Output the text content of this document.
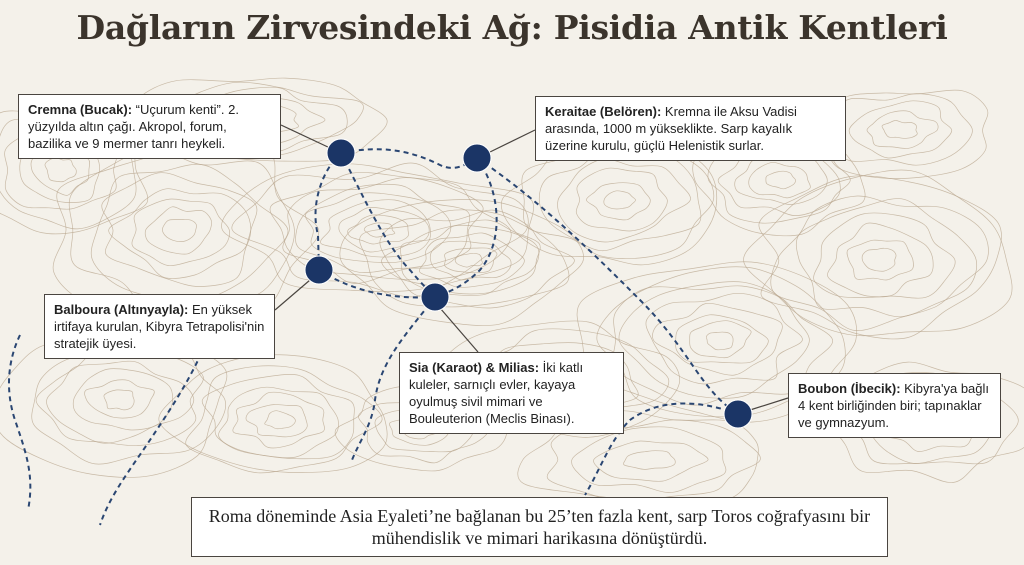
Dağların Zirvesindeki Ağ: Pisidia Antik Kentleri
Cremna (Bucak): “Uçurum kenti”. 2. yüzyılda altın çağı. Akropol, forum, bazilika ve 9 mermer tanrı heykeli.
Keraitae (Belören): Kremna ile Aksu Vadisi arasında, 1000 m yükseklikte. Sarp kayalık üzerine kurulu, güçlü Helenistik surlar.
Balboura (Altınyayla): En yüksek irtifaya kurulan, Kibyra Tetrapolisi'nin stratejik üyesi.
Sia (Karaot) & Milias: İki katlı kuleler, sarnıçlı evler, kayaya oyulmuş sivil mimari ve Bouleuterion (Meclis Binası).
Boubon (İbecik): Kibyra'ya bağlı 4 kent birliğinden biri; tapınaklar ve gymnazyum.
Roma döneminde Asia Eyaleti’ne bağlanan bu 25’ten fazla kent, sarp Toros coğrafyasını bir mühendislik ve mimari harikasına dönüştürdü.
